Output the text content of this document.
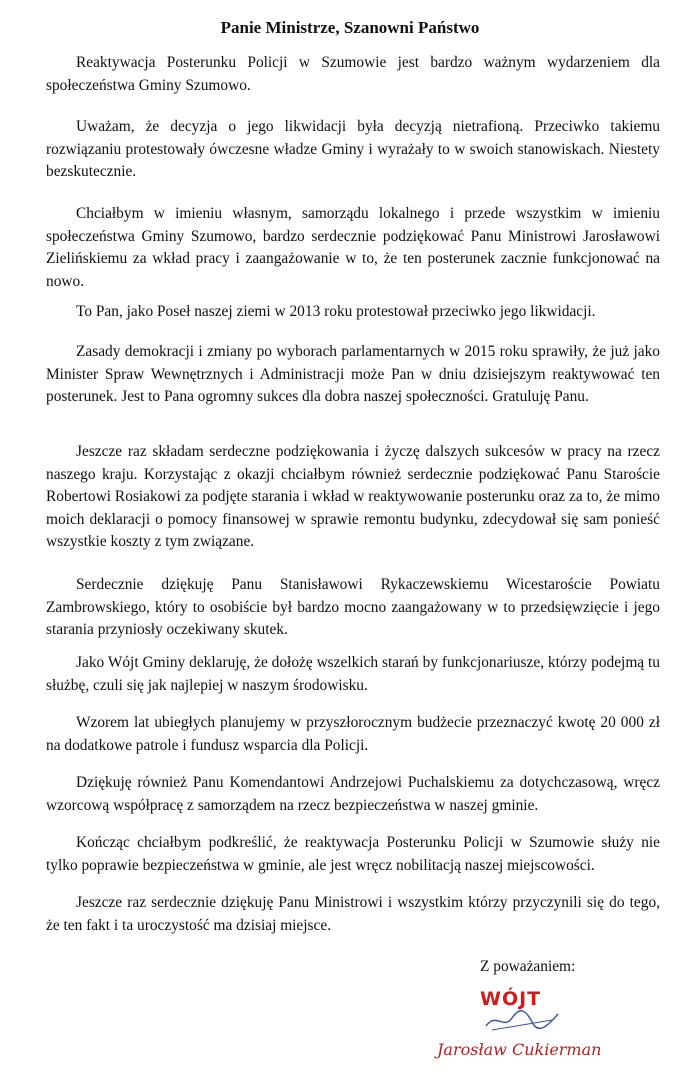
Panie Ministrze, Szanowni Państwo

Reaktywacja Posterunku Policji w Szumowie jest bardzo ważnym wydarzeniem dla społeczeństwa Gminy Szumowo.

Uważam, że decyzja o jego likwidacji była decyzją nietrafioną. Przeciwko takiemu rozwiązaniu protestowały ówczesne władze Gminy i wyrażały to w swoich stanowiskach. Niestety bezskutecznie.

Chciałbym w imieniu własnym, samorządu lokalnego i przede wszystkim w imieniu społeczeństwa Gminy Szumowo, bardzo serdecznie podziękować Panu Ministrowi Jarosławowi Zielińskiemu za wkład pracy i zaangażowanie w to, że ten posterunek zacznie funkcjonować na nowo.

To Pan, jako Poseł naszej ziemi w 2013 roku protestował przeciwko jego likwidacji.

Zasady demokracji i zmiany po wyborach parlamentarnych w 2015 roku sprawiły, że już jako Minister Spraw Wewnętrznych i Administracji może Pan w dniu dzisiejszym reaktywować ten posterunek. Jest to Pana ogromny sukces dla dobra naszej społeczności. Gratuluję Panu.

Jeszcze raz składam serdeczne podziękowania i życzę dalszych sukcesów w pracy na rzecz naszego kraju. Korzystając z okazji chciałbym również serdecznie podziękować Panu Staroście Robertowi Rosiakowi za podjęte starania i wkład w reaktywowanie posterunku oraz za to, że mimo moich deklaracji o pomocy finansowej w sprawie remontu budynku, zdecydował się sam ponieść wszystkie koszty z tym związane.

Serdecznie dziękuję Panu Stanisławowi Rykaczewskiemu Wicestaroście Powiatu Zambrowskiego, który to osobiście był bardzo mocno zaangażowany w to przedsięwzięcie i jego starania przyniosły oczekiwany skutek.

Jako Wójt Gminy deklaruję, że dołożę wszelkich starań by funkcjonariusze, którzy podejmą tu służbę, czuli się jak najlepiej w naszym środowisku.

Wzorem lat ubiegłych planujemy w przyszłorocznym budżecie przeznaczyć kwotę 20 000 zł na dodatkowe patrole i fundusz wsparcia dla Policji.

Dziękuję również Panu Komendantowi Andrzejowi Puchalskiemu za dotychczasową, wręcz wzorcową współpracę z samorządem na rzecz bezpieczeństwa w naszej gminie.

Kończąc chciałbym podkreślić, że reaktywacja Posterunku Policji w Szumowie służy nie tylko poprawie bezpieczeństwa w gminie, ale jest wręcz nobilitacją naszej miejscowości.

Jeszcze raz serdecznie dziękuję Panu Ministrowi i wszystkim którzy przyczynili się do tego, że ten fakt i ta uroczystość ma dzisiaj miejsce.

Z poważaniem:
WÓJT
Jarosław Cukierman
